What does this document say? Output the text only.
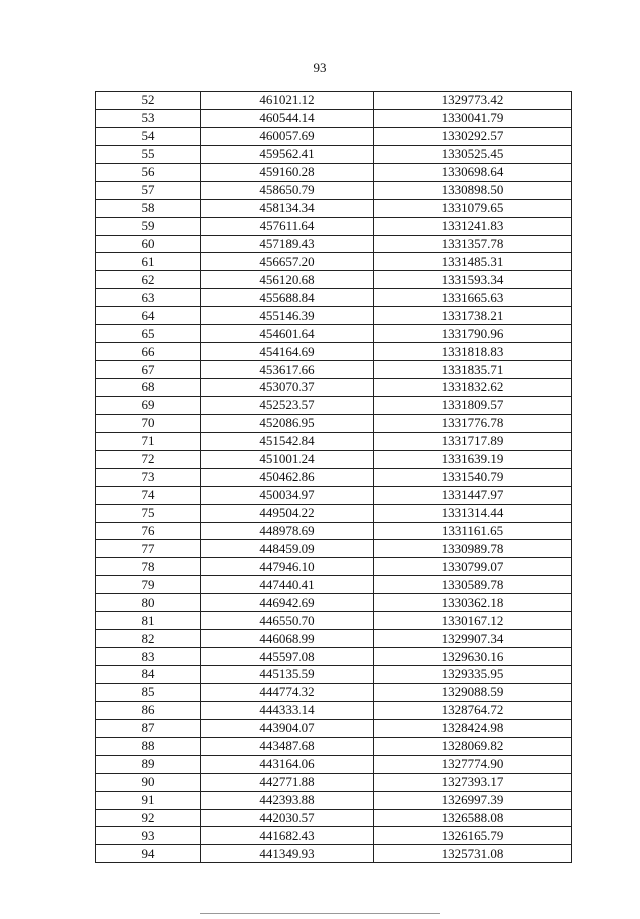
93
52	461021.12	1329773.42
53	460544.14	1330041.79
54	460057.69	1330292.57
55	459562.41	1330525.45
56	459160.28	1330698.64
57	458650.79	1330898.50
58	458134.34	1331079.65
59	457611.64	1331241.83
60	457189.43	1331357.78
61	456657.20	1331485.31
62	456120.68	1331593.34
63	455688.84	1331665.63
64	455146.39	1331738.21
65	454601.64	1331790.96
66	454164.69	1331818.83
67	453617.66	1331835.71
68	453070.37	1331832.62
69	452523.57	1331809.57
70	452086.95	1331776.78
71	451542.84	1331717.89
72	451001.24	1331639.19
73	450462.86	1331540.79
74	450034.97	1331447.97
75	449504.22	1331314.44
76	448978.69	1331161.65
77	448459.09	1330989.78
78	447946.10	1330799.07
79	447440.41	1330589.78
80	446942.69	1330362.18
81	446550.70	1330167.12
82	446068.99	1329907.34
83	445597.08	1329630.16
84	445135.59	1329335.95
85	444774.32	1329088.59
86	444333.14	1328764.72
87	443904.07	1328424.98
88	443487.68	1328069.82
89	443164.06	1327774.90
90	442771.88	1327393.17
91	442393.88	1326997.39
92	442030.57	1326588.08
93	441682.43	1326165.79
94	441349.93	1325731.08
